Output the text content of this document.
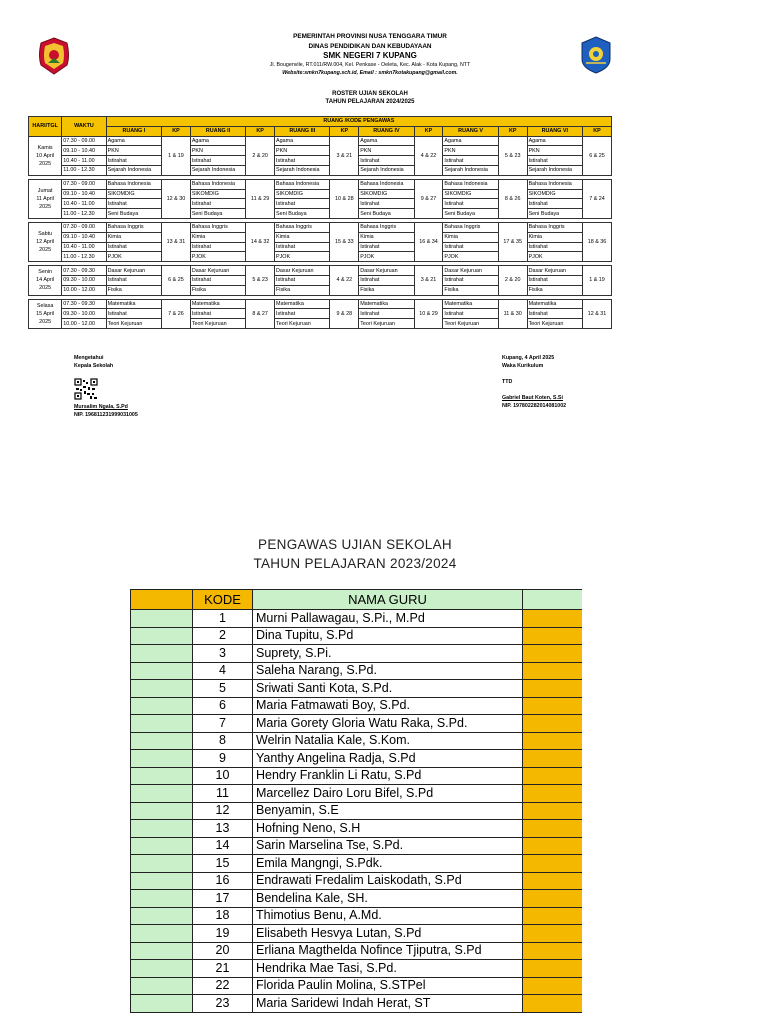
PEMERINTAH PROVINSI NUSA TENGGARA TIMUR
DINAS PENDIDIKAN DAN KEBUDAYAAN
SMK NEGERI 7 KUPANG
Jl. Bougenvile, RT.011/RW.004, Kel. Penkase - Oeleta, Kec. Alak - Kota Kupang, NTT
Website:smkn7kupang.sch.id, Email : smkn7kotakupang@gmail.com.
ROSTER UJIAN SEKOLAH
TAHUN PELAJARAN 2024/2025
HARI/TGL	WAKTU	RUANG /KODE PENGAWAS											
		RUANG I	KP	RUANG II	KP	RUANG III	KP	RUANG IV	KP	RUANG V	KP	RUANG VI	KP

Kamis
10 April 2025	07.30 - 09.00	Agama	1 & 19	Agama	2 & 20	Agama	3 & 21	Agama	4 & 22	Agama	5 & 23	Agama	6 & 25
	09.10 - 10.40	PKN		PKN		PKN		PKN		PKN		PKN	
	10.40 - 11.00	Istirahat		Istirahat		Istirahat		Istirahat		Istirahat		Istirahat	
	11.00 - 12.30	Sejarah Indonesia		Sejarah Indonesia		Sejarah Indonesia		Sejarah Indonesia		Sejarah Indonesia		Sejarah Indonesia	

Jumat
11 April 2025	07.30 - 09.00	Bahasa Indonesia	12 & 30	Bahasa Indonesia	11 & 29	Bahasa Indonesia	10 & 28	Bahasa Indonesia	9 & 27	Bahasa Indonesia	8 & 26	Bahasa Indonesia	7 & 24
	09.10 - 10.40	SIKOMDIG		SIKOMDIG		SIKOMDIG		SIKOMDIG		SIKOMDIG		SIKOMDIG	
	10.40 - 11.00	Istirahat		Istirahat		Istirahat		Istirahat		Istirahat		Istirahat	
	11.00 - 12.30	Seni Budaya		Seni Budaya		Seni Budaya		Seni Budaya		Seni Budaya		Seni Budaya	

Sabtu
12 April 2025	07.30 - 09.00	Bahasa Inggris	13 & 31	Bahasa Inggris	14 & 32	Bahasa Inggris	15 & 33	Bahasa Inggris	16 & 34	Bahasa Inggris	17 & 35	Bahasa Inggris	18 & 36
	09.10 - 10.40	Kimia		Kimia		Kimia		Kimia		Kimia		Kimia	
	10.40 - 11.00	Istirahat		Istirahat		Istirahat		Istirahat		Istirahat		Istirahat	
	11.00 - 12.30	PJOK		PJOK		PJOK		PJOK		PJOK		PJOK	

Senin
14 April 2025	07.30 - 09.30	Dasar Kejuruan	6 & 25	Dasar Kejuruan	5 & 23	Dasar Kejuruan	4 & 22	Dasar Kejuruan	3 & 21	Dasar Kejuruan	2 & 20	Dasar Kejuruan	1 & 19
	09.30 - 10.00	Istirahat		Istirahat		Istirahat		Istirahat		Istirahat		Istirahat	
	10.00 - 12.00	Fisika		Fisika		Fisika		Fisika		Fisika		Fisika	

Selasa
15 April 2025	07.30 - 09.30	Matematika	7 & 26	Matematika	8 & 27	Matematika	9 & 28	Matematika	10 & 29	Matematika	11 & 30	Matematika	12 & 31
	09.30 - 10.00	Istirahat		Istirahat		Istirahat		Istirahat		Istirahat		Istirahat	
	10.00 - 12.00	Teori Kejuruan		Teori Kejuruan		Teori Kejuruan		Teori Kejuruan		Teori Kejuruan		Teori Kejuruan	
Mengetahui
Kepala Sekolah
Mursalim Ngala, S.Pd
NIP. 196811231999031005
Kupang, 4 April 2025
Waka Kurikulum
TTD
Gabriel Baut Koten, S.Si
NIP. 197802282014081002
PENGAWAS UJIAN SEKOLAH
TAHUN PELAJARAN 2023/2024
	KODE	NAMA GURU	
	1	Murni Pallawagau, S.Pi., M.Pd	
	2	Dina Tupitu, S.Pd	
	3	Suprety, S.Pi.	
	4	Saleha Narang, S.Pd.	
	5	Sriwati Santi Kota, S.Pd.	
	6	Maria Fatmawati Boy, S.Pd.	
	7	Maria Gorety Gloria Watu Raka, S.Pd.	
	8	Welrin Natalia Kale, S.Kom.	
	9	Yanthy Angelina Radja, S.Pd	
	10	Hendry Franklin Li Ratu, S.Pd	
	11	Marcellez Dairo Loru Bifel, S.Pd	
	12	Benyamin, S.E	
	13	Hofning Neno, S.H	
	14	Sarin Marselina Tse, S.Pd.	
	15	Emila Mangngi, S.Pdk.	
	16	Endrawati Fredalim Laiskodath, S.Pd	
	17	Bendelina Kale, SH.	
	18	Thimotius Benu, A.Md.	
	19	Elisabeth Hesvya Lutan, S.Pd	
	20	Erliana Magthelda Nofince Tjiputra, S.Pd	
	21	Hendrika Mae Tasi, S.Pd.	
	22	Florida Paulin Molina, S.STPel	
	23	Maria Saridewi Indah Herat, ST	
